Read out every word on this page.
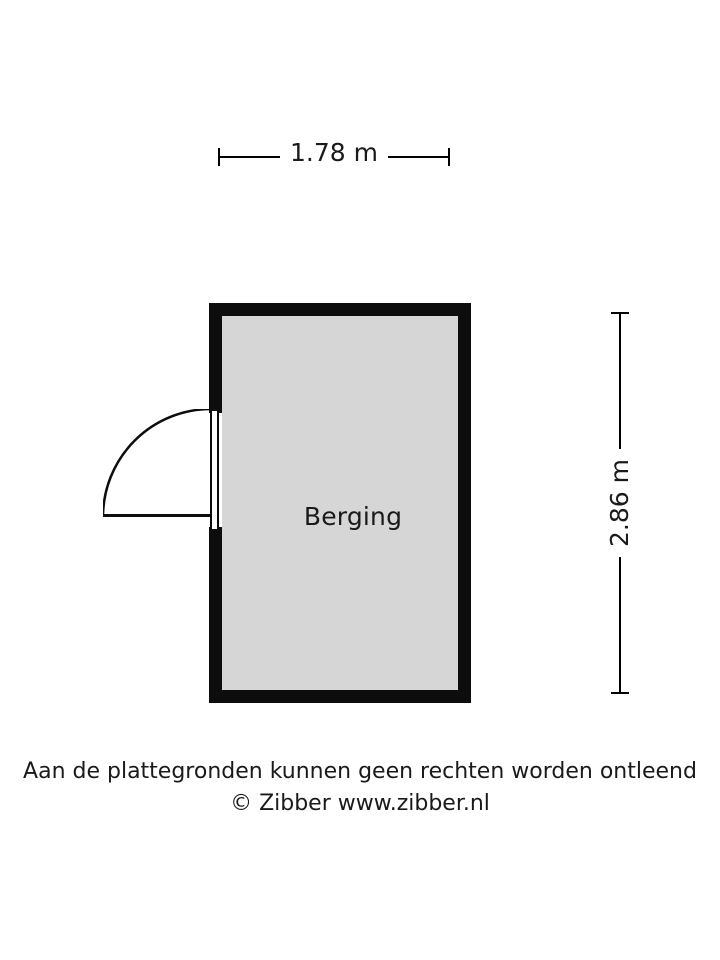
1.78 m
2.86 m
Berging
Aan de plattegronden kunnen geen rechten worden ontleend
© Zibber www.zibber.nl
